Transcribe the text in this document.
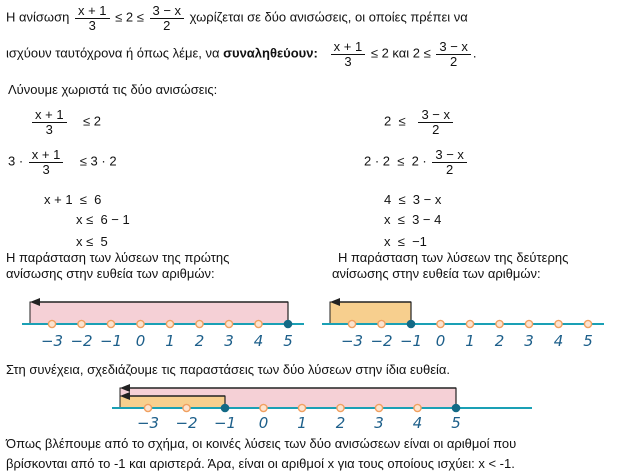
Η ανίσωση $\frac{x + 1}{3} \le 2 \le \frac{3 - x}{2}$ χωρίζεται σε δύο ανισώσεις, οι οποίες πρέπει να
ισχύουν ταυτόχρονα ή όπως λέμε, να συναληθεύουν: $\frac{x + 1}{3} \le 2$ και $2 \le \frac{3 - x}{2}$ .
Λύνουμε χωριστά τις δύο ανισώσεις:
$\frac{x + 1}{3} \le 2$
$3 \cdot \frac{x + 1}{3} \le 3 \cdot 2$
x + 1  ≤  6
x ≤  6 − 1
x ≤  5
$2 \le \frac{3 - x}{2}$
$2 \cdot 2 \le 2 \cdot \frac{3 - x}{2}$
4  ≤  3 − x
x  ≤  3 − 4
x  ≤  −1
Η παράσταση των λύσεων της πρώτης
ανίσωσης στην ευθεία των αριθμών:
Η παράσταση των λύσεων της δεύτερης
ανίσωσης στην ευθεία των αριθμών:
−3 −2 −1 0 1 2 3 4 5	−3 −2 −1 0 1 2 3 4 5
Στη συνέχεια, σχεδιάζουμε τις παραστάσεις των δύο λύσεων στην ίδια ευθεία.
−3 −2 −1 0 1 2 3 4 5
Όπως βλέπουμε από το σχήμα, οι κοινές λύσεις των δύο ανισώσεων είναι οι αριθμοί που
βρίσκονται από το -1 και αριστερά. Άρα, είναι οι αριθμοί x για τους οποίους ισχύει: x < -1.
